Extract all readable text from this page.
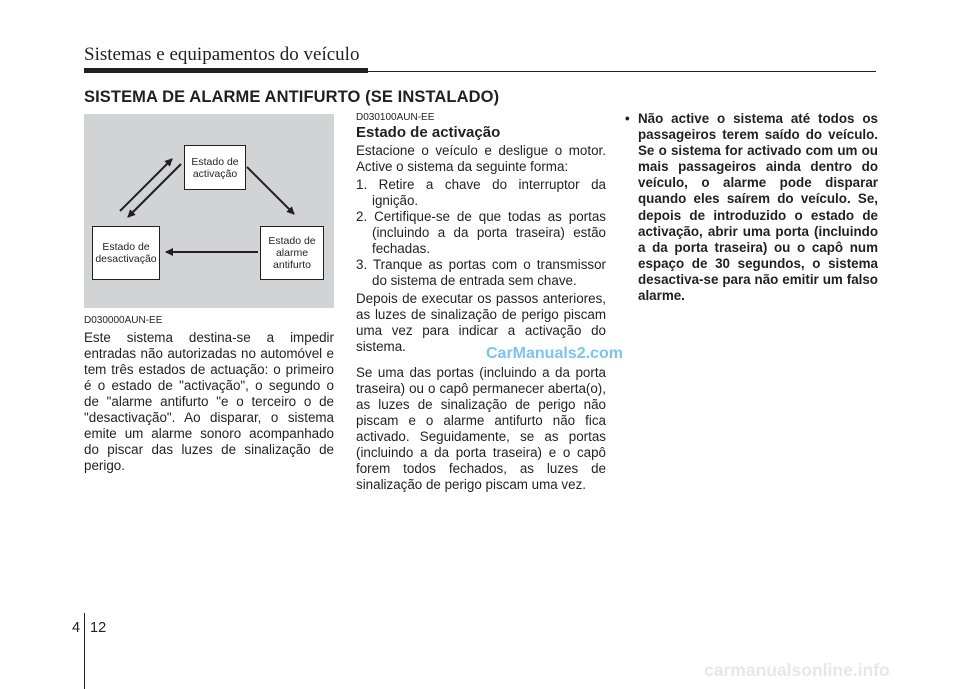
Sistemas e equipamentos do veículo
SISTEMA DE ALARME ANTIFURTO (SE INSTALADO)
Estado de
activação
Estado de
desactivação
Estado de
alarme
antifurto
D030000AUN-EE

Este sistema destina-se a impedir entradas não autorizadas no automóvel e tem três estados de actuação: o primeiro é o estado de "activação", o segundo o de "alarme antifurto "e o terceiro o de "desactivação". Ao disparar, o sistema emite um alarme sonoro acompanhado do piscar das luzes de sinalização de perigo.

D030100AUN-EE
Estado de activação

Estacione o veículo e desligue o motor. Active o sistema da seguinte forma:

1. Retire a chave do interruptor da ignição.

2. Certifique-se de que todas as portas (incluindo a da porta traseira) estão fechadas.

3. Tranque as portas com o transmissor do sistema de entrada sem chave.

Depois de executar os passos anteriores, as luzes de sinalização de perigo piscam uma vez para indicar a activação do sistema.

Se uma das portas (incluindo a da porta traseira) ou o capô permanecer aberta(o), as luzes de sinalização de perigo não piscam e o alarme antifurto não fica activado. Seguidamente, se as portas (incluindo a da porta traseira) e o capô forem todos fechados, as luzes de sinalização de perigo piscam uma vez.

CarManuals2.com
• Não active o sistema até todos os passageiros terem saído do veículo. Se o sistema for activado com um ou mais passageiros ainda dentro do veículo, o alarme pode disparar quando eles saírem do veículo. Se, depois de introduzido o estado de activação, abrir uma porta (incluindo a da porta traseira) ou o capô num espaço de 30 segundos, o sistema desactiva-se para não emitir um falso alarme.

4 12
carmanualsonline.info
